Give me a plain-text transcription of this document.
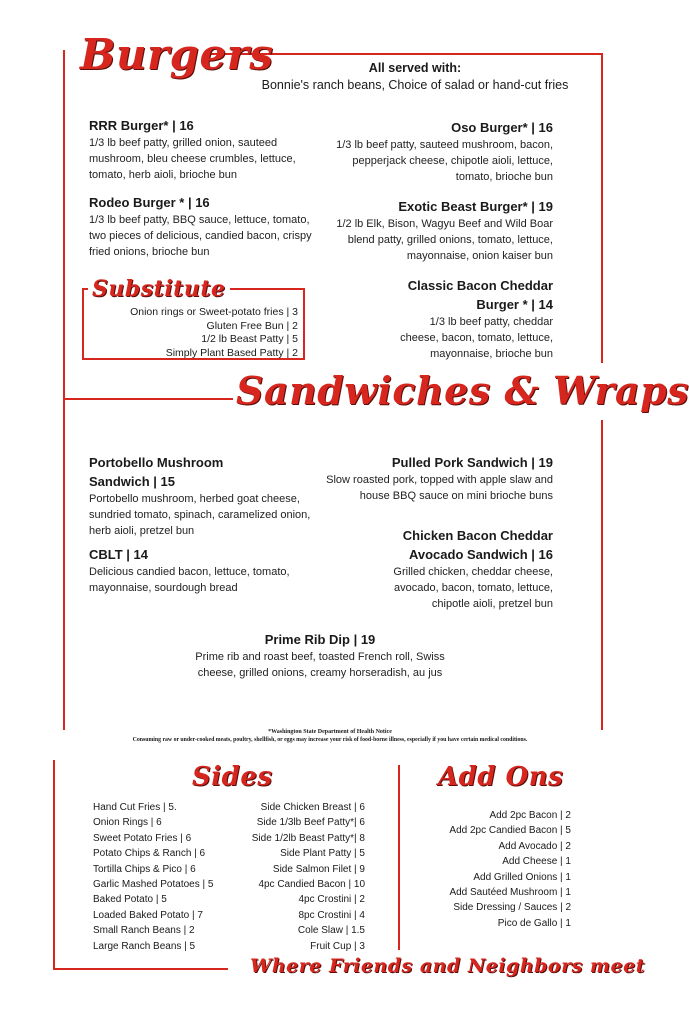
Burgers	All served with:
Bonnie's ranch beans, Choice of salad or hand-cut fries
RRR Burger* | 16
1/3 lb beef patty, grilled onion, sauteed mushroom, bleu cheese crumbles, lettuce, tomato, herb aioli, brioche bun
Rodeo Burger * | 16
1/3 lb beef patty, BBQ sauce, lettuce, tomato, two pieces of delicious, candied bacon, crispy fried onions, brioche bun
Oso Burger* | 16
1/3 lb beef patty, sauteed mushroom, bacon, pepperjack cheese, chipotle aioli, lettuce, tomato, brioche bun
Exotic Beast Burger* | 19
1/2 lb Elk, Bison, Wagyu Beef and Wild Boar blend patty, grilled onions, tomato, lettuce, mayonnaise, onion kaiser bun
Classic Bacon Cheddar Burger * | 14
1/3 lb beef patty, cheddar cheese, bacon, tomato, lettuce, mayonnaise, brioche bun
Substitute
Onion rings or Sweet-potato fries | 3
Gluten Free Bun | 2
1/2 lb Beast Patty | 5
Simply Plant Based Patty | 2
Sandwiches & Wraps
Portobello Mushroom Sandwich | 15
Portobello mushroom, herbed goat cheese, sundried tomato, spinach, caramelized onion, herb aioli, pretzel bun
CBLT | 14
Delicious candied bacon, lettuce, tomato, mayonnaise, sourdough bread
Pulled Pork Sandwich | 19
Slow roasted pork, topped with apple slaw and house BBQ sauce on mini brioche buns
Chicken Bacon Cheddar Avocado Sandwich | 16
Grilled chicken, cheddar cheese, avocado, bacon, tomato, lettuce, chipotle aioli, pretzel bun
Prime Rib Dip | 19
Prime rib and roast beef, toasted French roll, Swiss cheese, grilled onions, creamy horseradish, au jus
*Washington State Department of Health Notice
Consuming raw or under-cooked meats, poultry, shellfish, or eggs may increase your risk of food-borne illness, especially if you have certain medical conditions.
Sides
Hand Cut Fries | 5.
Onion Rings | 6
Sweet Potato Fries | 6
Potato Chips & Ranch | 6
Tortilla Chips & Pico | 6
Garlic Mashed Potatoes | 5
Baked Potato | 5
Loaded Baked Potato | 7
Small Ranch Beans | 2
Large Ranch Beans | 5
Side Chicken Breast | 6
Side 1/3lb Beef Patty*| 6
Side 1/2lb Beast Patty*| 8
Side Plant Patty | 5
Side Salmon Filet | 9
4pc Candied Bacon | 10
4pc Crostini | 2
8pc Crostini | 4
Cole Slaw | 1.5
Fruit Cup | 3
Add Ons
Add 2pc Bacon | 2
Add 2pc Candied Bacon | 5
Add Avocado | 2
Add Cheese | 1
Add Grilled Onions | 1
Add Sautéed Mushroom | 1
Side Dressing / Sauces | 2
Pico de Gallo | 1
Where Friends and Neighbors meet
